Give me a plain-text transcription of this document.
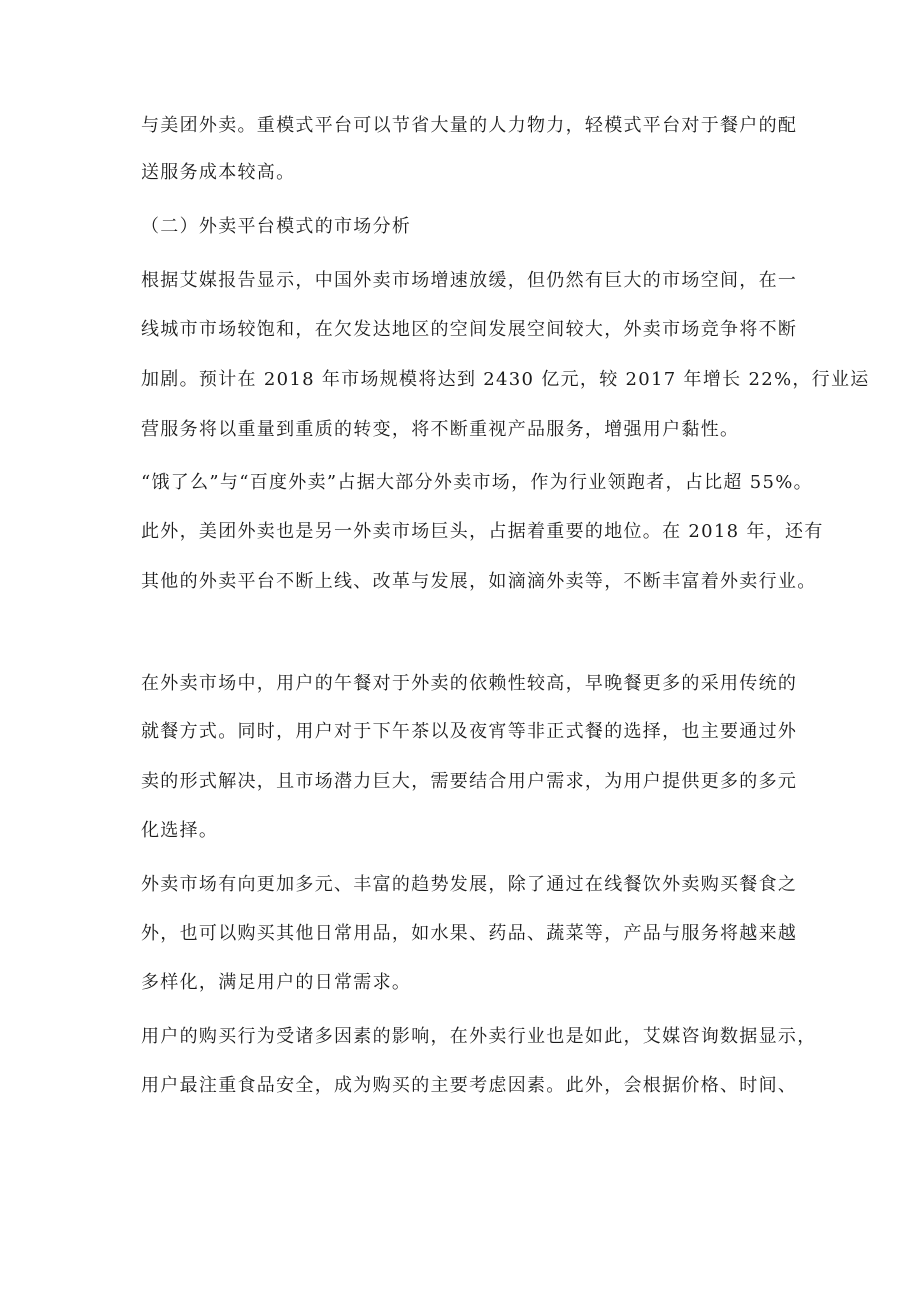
与美团外卖。重模式平台可以节省大量的人力物力，轻模式平台对于餐户的配
送服务成本较高。
（二）外卖平台模式的市场分析
根据艾媒报告显示，中国外卖市场增速放缓，但仍然有巨大的市场空间，在一
线城市市场较饱和，在欠发达地区的空间发展空间较大，外卖市场竞争将不断
加剧。预计在 2018 年市场规模将达到 2430 亿元，较 2017 年增长 22%，行业运
营服务将以重量到重质的转变，将不断重视产品服务，增强用户黏性。
“饿了么”与“百度外卖”占据大部分外卖市场，作为行业领跑者，占比超 55%。
此外，美团外卖也是另一外卖市场巨头，占据着重要的地位。在 2018 年，还有
其他的外卖平台不断上线、改革与发展，如滴滴外卖等，不断丰富着外卖行业。
在外卖市场中，用户的午餐对于外卖的依赖性较高，早晚餐更多的采用传统的
就餐方式。同时，用户对于下午茶以及夜宵等非正式餐的选择，也主要通过外
卖的形式解决，且市场潜力巨大，需要结合用户需求，为用户提供更多的多元
化选择。
外卖市场有向更加多元、丰富的趋势发展，除了通过在线餐饮外卖购买餐食之
外，也可以购买其他日常用品，如水果、药品、蔬菜等，产品与服务将越来越
多样化，满足用户的日常需求。
用户的购买行为受诸多因素的影响，在外卖行业也是如此，艾媒咨询数据显示，
用户最注重食品安全，成为购买的主要考虑因素。此外，会根据价格、时间、
